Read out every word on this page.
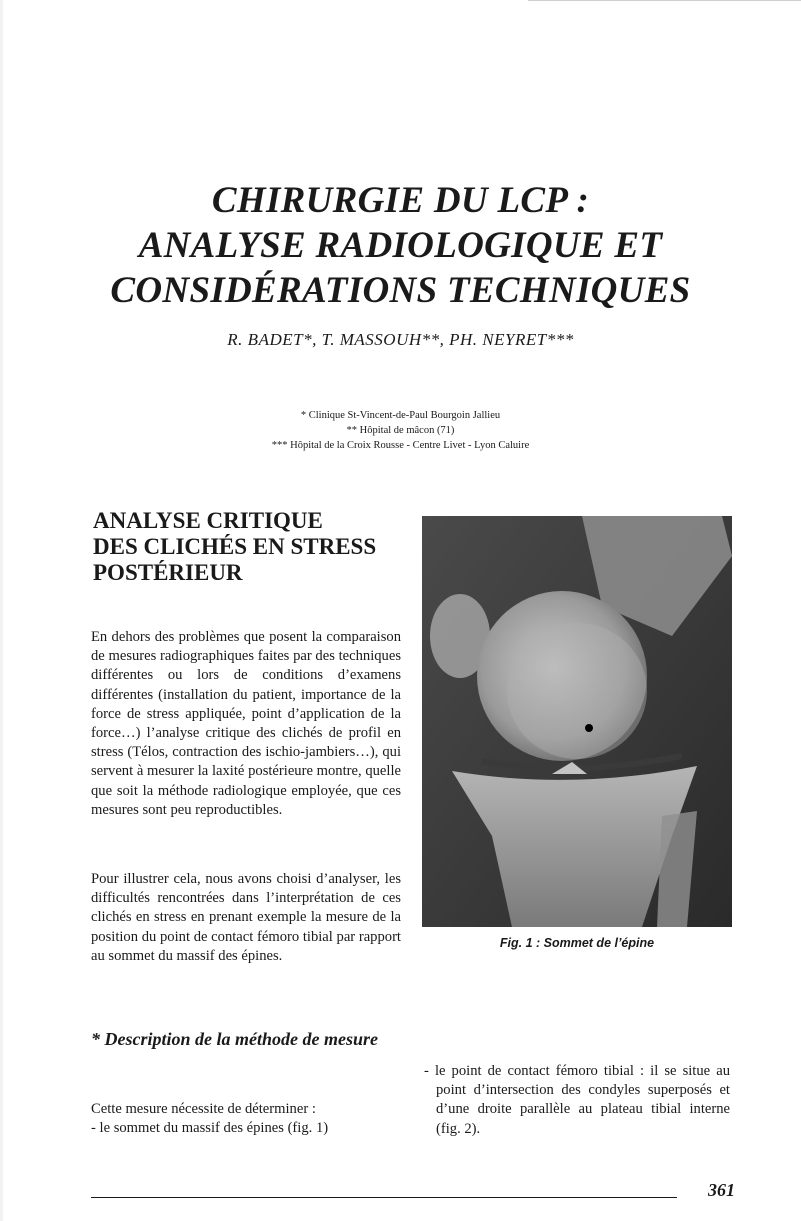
CHIRURGIE DU LCP :
ANALYSE RADIOLOGIQUE ET
CONSIDÉRATIONS TECHNIQUES
R. BADET*, T. MASSOUH**, PH. NEYRET***
* Clinique St-Vincent-de-Paul Bourgoin Jallieu
** Hôpital de mâcon (71)
*** Hôpital de la Croix Rousse - Centre Livet - Lyon Caluire
ANALYSE CRITIQUE
DES CLICHÉS EN STRESS
POSTÉRIEUR

En dehors des problèmes que posent la comparaison de mesures radiographiques faites par des techniques différentes ou lors de conditions d’examens différentes (installation du patient, importance de la force de stress appliquée, point d’application de la force…) l’analyse critique des clichés de profil en stress (Télos, contraction des ischio-jambiers…), qui servent à mesurer la laxité postérieure montre, quelle que soit la méthode radiologique employée, que ces mesures sont peu reproductibles.

Pour illustrer cela, nous avons choisi d’analyser, les difficultés rencontrées dans l’interprétation de ces clichés en stress en prenant exemple la mesure de la position du point de contact fémoro tibial par rapport au sommet du massif des épines.

* Description de la méthode de mesure
Cette mesure nécessite de déterminer :
- le sommet du massif des épines (fig. 1)
- le point de contact fémoro tibial : il se situe au point d’intersection des condyles superposés et d’une droite parallèle au plateau tibial interne (fig. 2).
Fig. 1 : Sommet de l’épine
361
